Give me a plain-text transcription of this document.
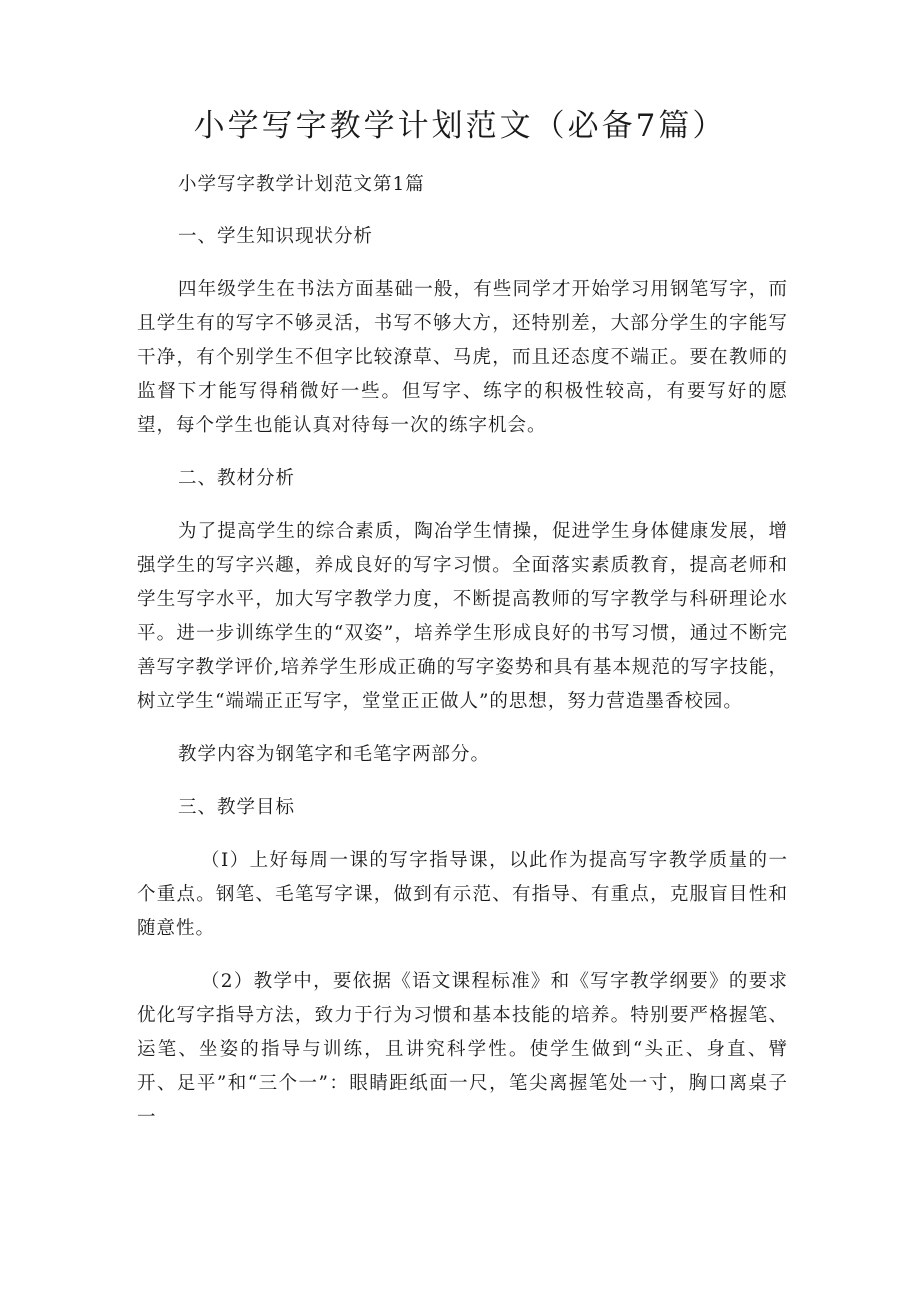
小学写字教学计划范文（必备7篇）

小学写字教学计划范文第1篇

一、学生知识现状分析

四年级学生在书法方面基础一般，有些同学才开始学习用钢笔写字，而且学生有的写字不够灵活，书写不够大方，还特别差，大部分学生的字能写干净，有个别学生不但字比较潦草、马虎，而且还态度不端正。要在教师的监督下才能写得稍微好一些。但写字、练字的积极性较高，有要写好的愿望，每个学生也能认真对待每一次的练字机会。

二、教材分析

为了提高学生的综合素质，陶冶学生情操，促进学生身体健康发展，增强学生的写字兴趣，养成良好的写字习惯。全面落实素质教育，提高老师和学生写字水平，加大写字教学力度，不断提高教师的写字教学与科研理论水平。进一步训练学生的“双姿”，培养学生形成良好的书写习惯，通过不断完善写字教学评价,培养学生形成正确的写字姿势和具有基本规范的写字技能，树立学生“端端正正写字，堂堂正正做人”的思想，努力营造墨香校园。

教学内容为钢笔字和毛笔字两部分。

三、教学目标

（I）上好每周一课的写字指导课，以此作为提高写字教学质量的一个重点。钢笔、毛笔写字课，做到有示范、有指导、有重点，克服盲目性和随意性。

（2）教学中，要依据《语文课程标准》和《写字教学纲要》的要求优化写字指导方法，致力于行为习惯和基本技能的培养。特别要严格握笔、运笔、坐姿的指导与训练，且讲究科学性。使学生做到“头正、身直、臂开、足平”和“三个一”：眼睛距纸面一尺，笔尖离握笔处一寸，胸口离桌子一
